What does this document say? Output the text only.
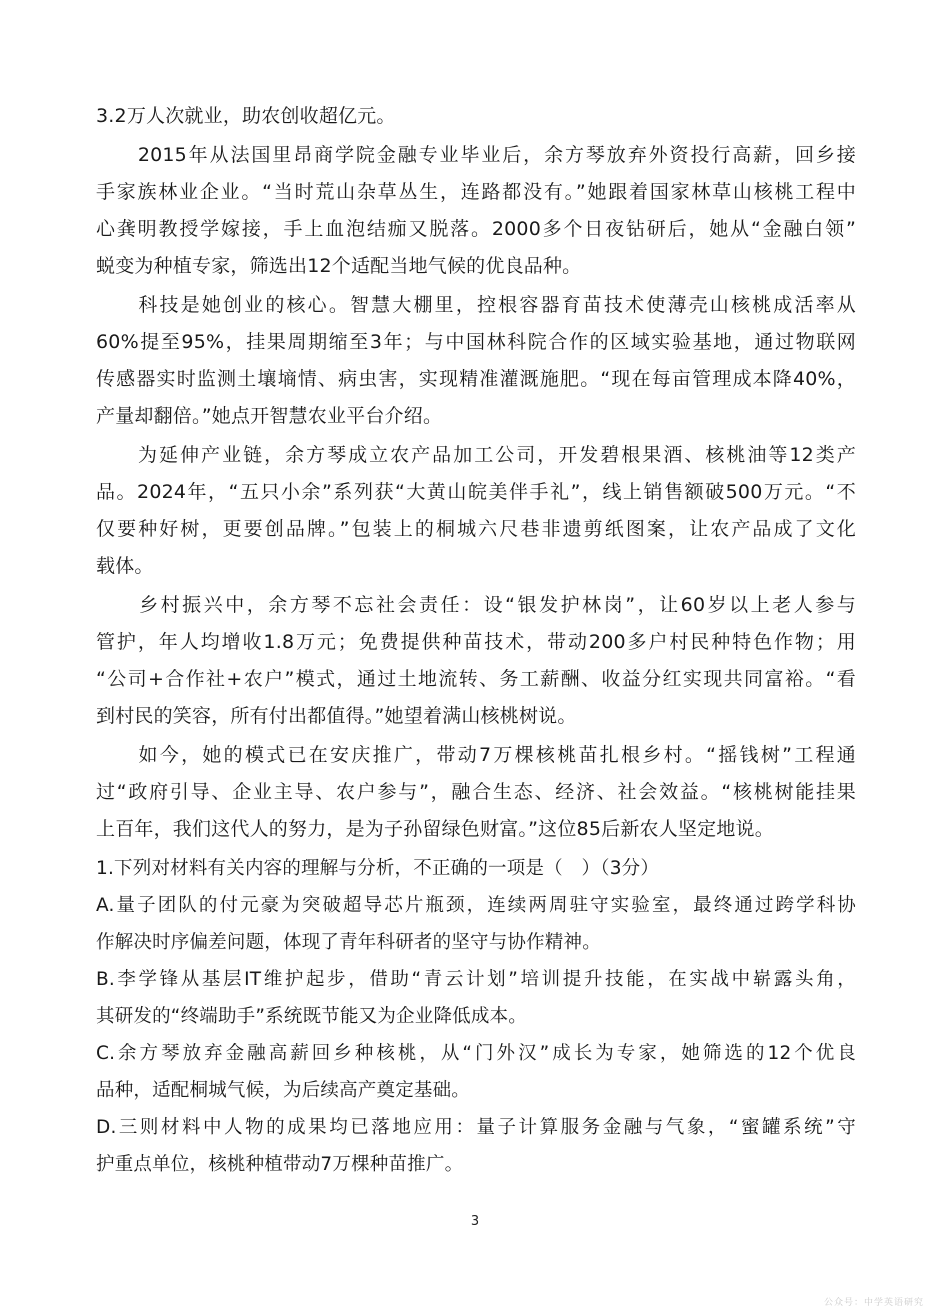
3.2万人次就业，助农创收超亿元。
　　2015年从法国里昂商学院金融专业毕业后，余方琴放弃外资投行高薪，回乡接
手家族林业企业。“当时荒山杂草丛生，连路都没有。”她跟着国家林草山核桃工程中
心龚明教授学嫁接，手上血泡结痂又脱落。2000多个日夜钻研后，她从“金融白领”
蜕变为种植专家，筛选出12个适配当地气候的优良品种。
　　科技是她创业的核心。智慧大棚里，控根容器育苗技术使薄壳山核桃成活率从
60%提至95%，挂果周期缩至3年；与中国林科院合作的区域实验基地，通过物联网
传感器实时监测土壤墒情、病虫害，实现精准灌溉施肥。“现在每亩管理成本降40%，
产量却翻倍。”她点开智慧农业平台介绍。
　　为延伸产业链，余方琴成立农产品加工公司，开发碧根果酒、核桃油等12类产
品。2024年，“五只小余”系列获“大黄山皖美伴手礼”，线上销售额破500万元。“不
仅要种好树，更要创品牌。”包装上的桐城六尺巷非遗剪纸图案，让农产品成了文化
载体。
　　乡村振兴中，余方琴不忘社会责任：设“银发护林岗”，让60岁以上老人参与
管护，年人均增收1.8万元；免费提供种苗技术，带动200多户村民种特色作物；用
“公司+合作社+农户”模式，通过土地流转、务工薪酬、收益分红实现共同富裕。“看
到村民的笑容，所有付出都值得。”她望着满山核桃树说。
　　如今，她的模式已在安庆推广，带动7万棵核桃苗扎根乡村。“摇钱树”工程通
过“政府引导、企业主导、农户参与”，融合生态、经济、社会效益。“核桃树能挂果
上百年，我们这代人的努力，是为子孙留绿色财富。”这位85后新农人坚定地说。
1.下列对材料有关内容的理解与分析，不正确的一项是（　）（3分）
A.量子团队的付元豪为突破超导芯片瓶颈，连续两周驻守实验室，最终通过跨学科协
作解决时序偏差问题，体现了青年科研者的坚守与协作精神。
B.李学锋从基层IT维护起步，借助“青云计划”培训提升技能，在实战中崭露头角，
其研发的“终端助手”系统既节能又为企业降低成本。
C.余方琴放弃金融高薪回乡种核桃，从“门外汉”成长为专家，她筛选的12个优良
品种，适配桐城气候，为后续高产奠定基础。
D.三则材料中人物的成果均已落地应用：量子计算服务金融与气象，“蜜罐系统”守
护重点单位，核桃种植带动7万棵种苗推广。
3
公众号：中学英语研究
